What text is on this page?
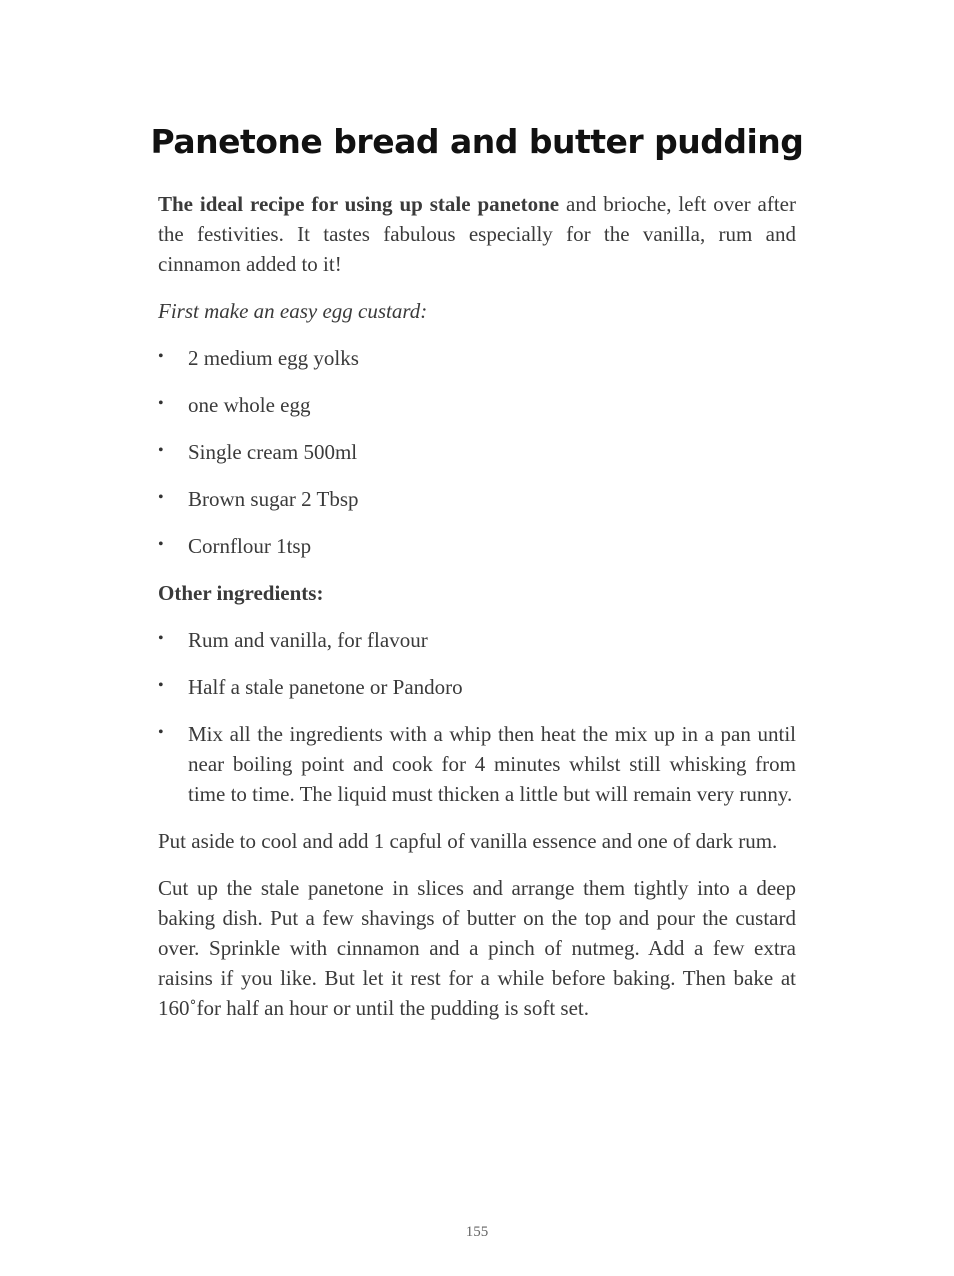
Panetone bread and butter pudding

The ideal recipe for using up stale panetone and brioche, left over after the festivities. It tastes fabulous especially for the vanilla, rum and cinnamon added to it!

First make an easy egg custard:

• 2 medium egg yolks
• one whole egg
• Single cream 500ml
• Brown sugar 2 Tbsp
• Cornflour 1tsp

Other ingredients:

• Rum and vanilla, for flavour
• Half a stale panetone or Pandoro
• Mix all the ingredients with a whip then heat the mix up in a pan until near boiling point and cook for 4 minutes whilst still whisking from time to time. The liquid must thicken a little but will remain very runny.

Put aside to cool and add 1 capful of vanilla essence and one of dark rum.

Cut up the stale panetone in slices and arrange them tightly into a deep baking dish. Put a few shavings of butter on the top and pour the custard over. Sprinkle with cinnamon and a pinch of nutmeg. Add a few extra raisins if you like. But let it rest for a while before baking. Then bake at 160˚for half an hour or until the pudding is soft set.

155
